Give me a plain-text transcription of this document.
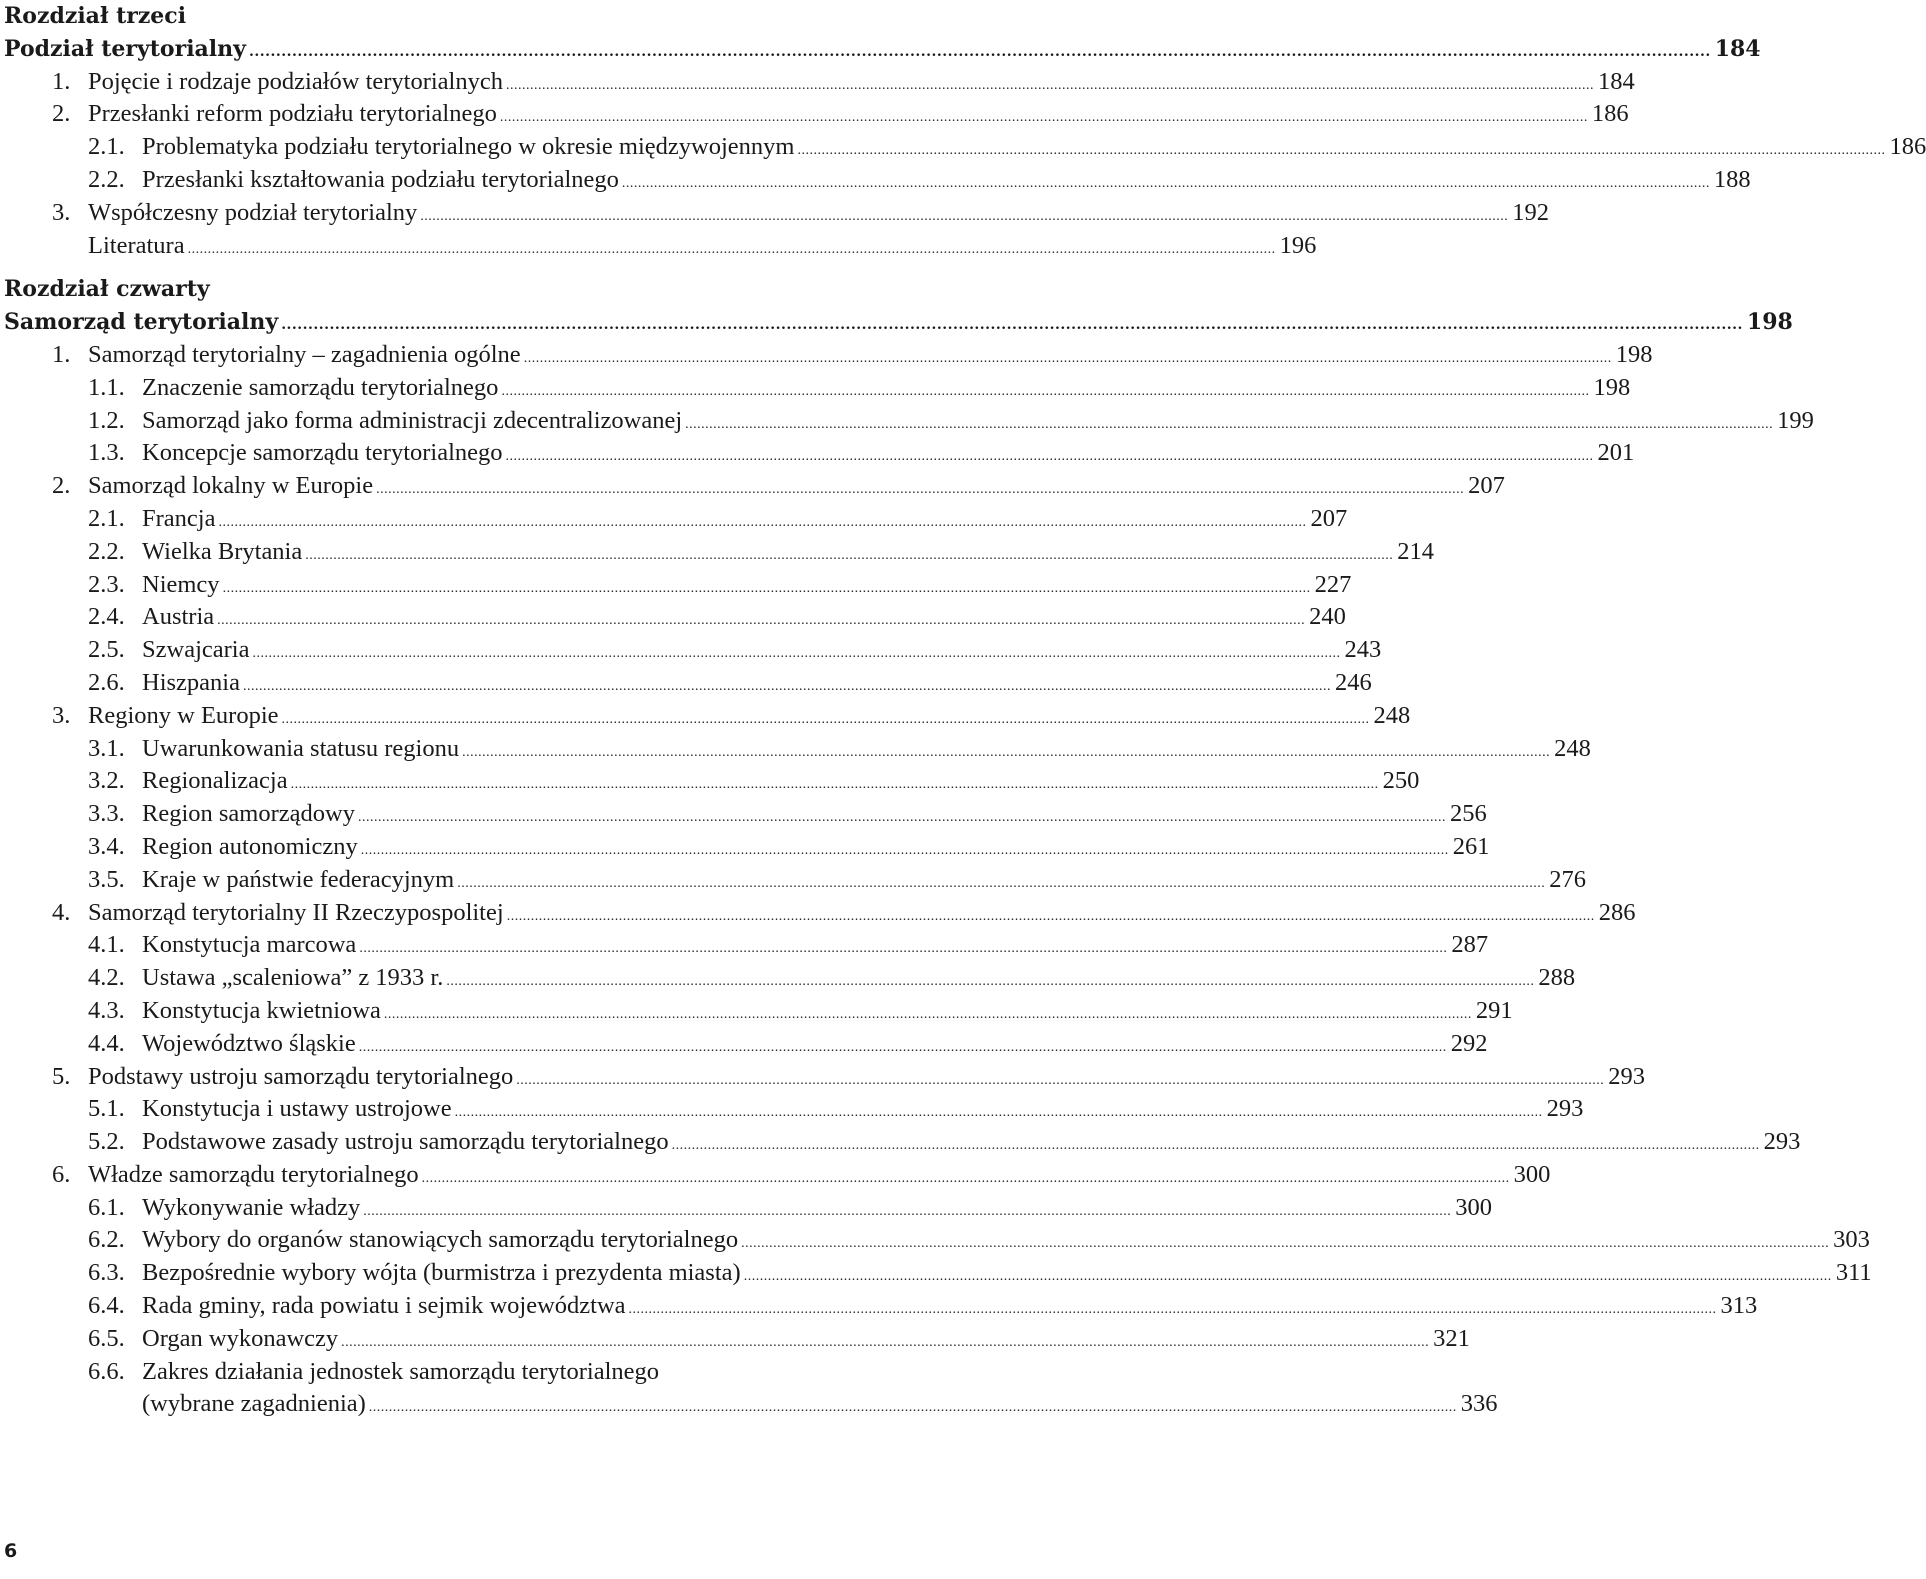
Rozdział trzeci
Podział terytorialny .....	184
1. Pojęcie i rodzaje podziałów terytorialnych .....	184
2. Przesłanki reform podziału terytorialnego .....	186
2.1. Problematyka podziału terytorialnego w okresie międzywojennym .....	186
2.2. Przesłanki kształtowania podziału terytorialnego .....	188
3. Współczesny podział terytorialny .....	192
Literatura .....	196
Rozdział czwarty
Samorząd terytorialny .....	198
1. Samorząd terytorialny – zagadnienia ogólne .....	198
1.1. Znaczenie samorządu terytorialnego .....	198
1.2. Samorząd jako forma administracji zdecentralizowanej .....	199
1.3. Koncepcje samorządu terytorialnego .....	201
2. Samorząd lokalny w Europie .....	207
2.1. Francja .....	207
2.2. Wielka Brytania .....	214
2.3. Niemcy .....	227
2.4. Austria .....	240
2.5. Szwajcaria .....	243
2.6. Hiszpania .....	246
3. Regiony w Europie .....	248
3.1. Uwarunkowania statusu regionu .....	248
3.2. Regionalizacja .....	250
3.3. Region samorządowy .....	256
3.4. Region autonomiczny .....	261
3.5. Kraje w państwie federacyjnym .....	276
4. Samorząd terytorialny II Rzeczypospolitej .....	286
4.1. Konstytucja marcowa .....	287
4.2. Ustawa „scaleniowa” z 1933 r. .....	288
4.3. Konstytucja kwietniowa .....	291
4.4. Województwo śląskie .....	292
5. Podstawy ustroju samorządu terytorialnego .....	293
5.1. Konstytucja i ustawy ustrojowe .....	293
5.2. Podstawowe zasady ustroju samorządu terytorialnego .....	293
6. Władze samorządu terytorialnego .....	300
6.1. Wykonywanie władzy .....	300
6.2. Wybory do organów stanowiących samorządu terytorialnego .....	303
6.3. Bezpośrednie wybory wójta (burmistrza i prezydenta miasta) .....	311
6.4. Rada gminy, rada powiatu i sejmik województwa .....	313
6.5. Organ wykonawczy .....	321
6.6. Zakres działania jednostek samorządu terytorialnego
(wybrane zagadnienia) .....	336
6
